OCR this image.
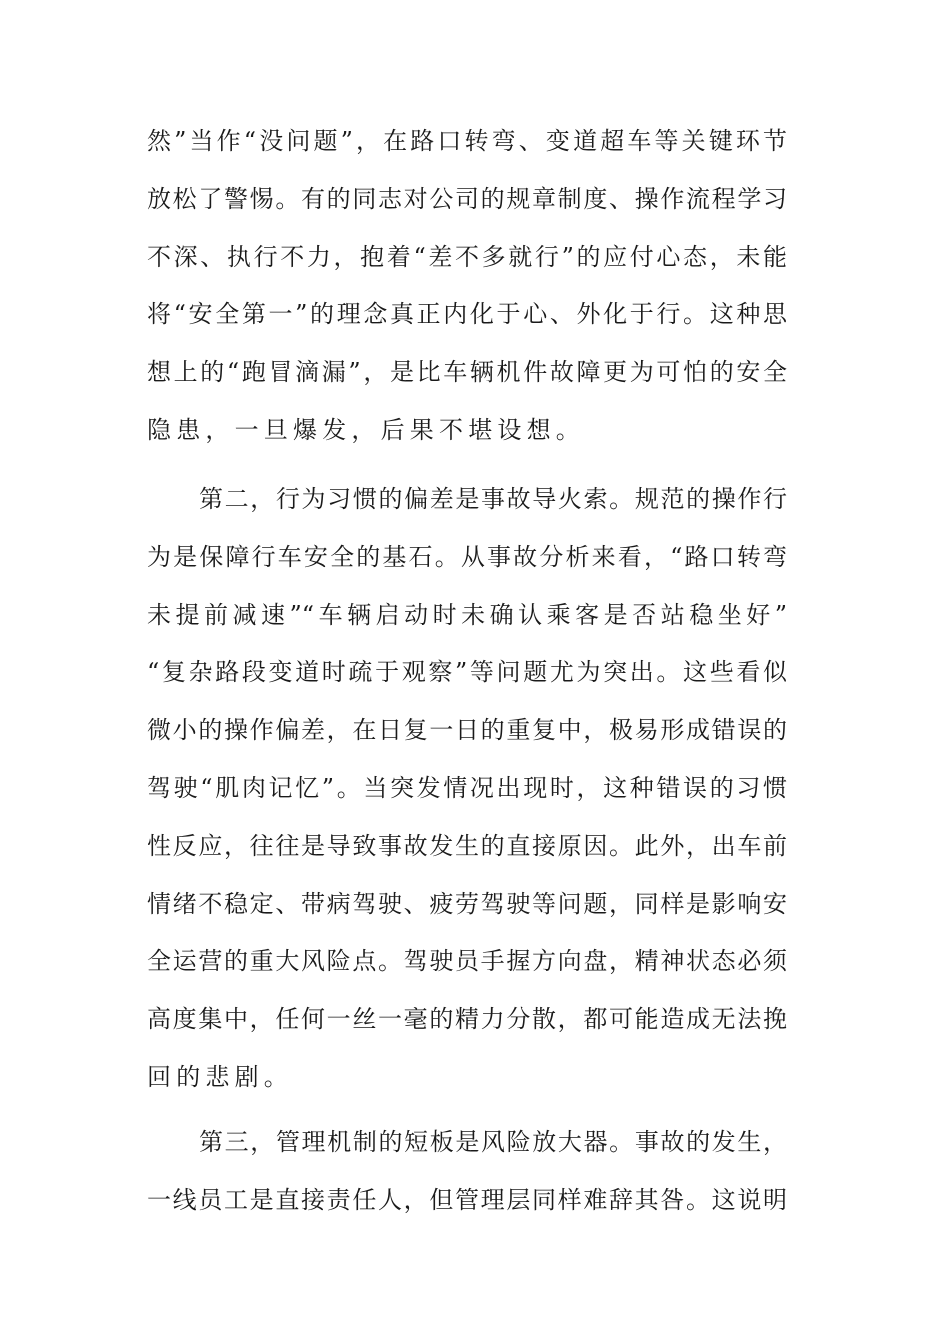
然”当作“没问题”，在路口转弯、变道超车等关键环节
放松了警惕。有的同志对公司的规章制度、操作流程学习
不深、执行不力，抱着“差不多就行”的应付心态，未能
将“安全第一”的理念真正内化于心、外化于行。这种思
想上的“跑冒滴漏”，是比车辆机件故障更为可怕的安全
隐患，一旦爆发，后果不堪设想。
第二，行为习惯的偏差是事故导火索。规范的操作行
为是保障行车安全的基石。从事故分析来看，“路口转弯
未提前减速”“车辆启动时未确认乘客是否站稳坐好”
“复杂路段变道时疏于观察”等问题尤为突出。这些看似
微小的操作偏差，在日复一日的重复中，极易形成错误的
驾驶“肌肉记忆”。当突发情况出现时，这种错误的习惯
性反应，往往是导致事故发生的直接原因。此外，出车前
情绪不稳定、带病驾驶、疲劳驾驶等问题，同样是影响安
全运营的重大风险点。驾驶员手握方向盘，精神状态必须
高度集中，任何一丝一毫的精力分散，都可能造成无法挽
回的悲剧。
第三，管理机制的短板是风险放大器。事故的发生，
一线员工是直接责任人，但管理层同样难辞其咎。这说明
